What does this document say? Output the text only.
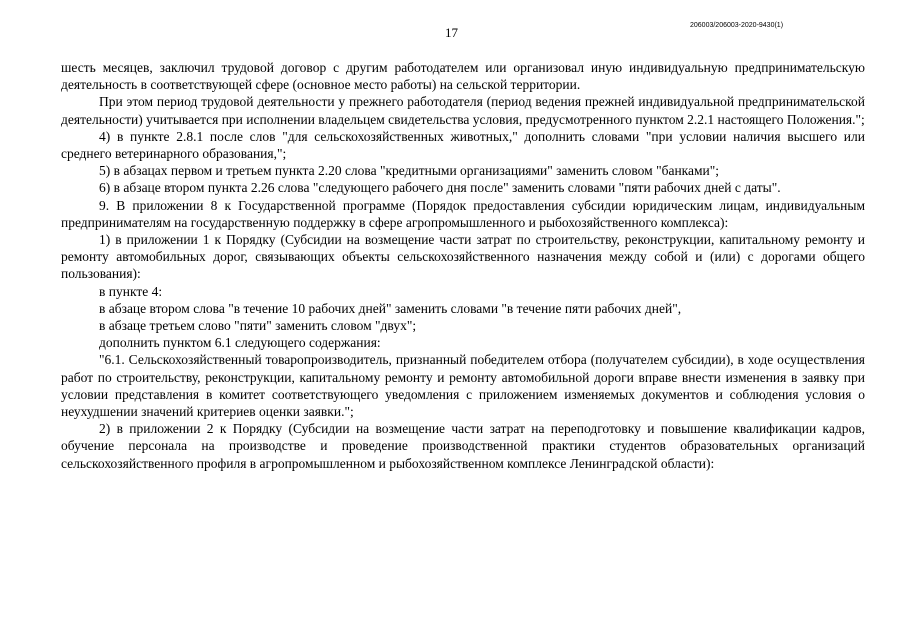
17	206003/206003-2020-9430(1)

шесть месяцев, заключил трудовой договор с другим работодателем или организовал иную индивидуальную предпринимательскую деятельность в соответствующей сфере (основное место работы) на сельской территории.

При этом период трудовой деятельности у прежнего работодателя (период ведения прежней индивидуальной предпринимательской деятельности) учитывается при исполнении владельцем свидетельства условия, предусмотренного пунктом 2.2.1 настоящего Положения.";

4) в пункте 2.8.1 после слов "для сельскохозяйственных животных," дополнить словами "при условии наличия высшего или среднего ветеринарного образования,";

5) в абзацах первом и третьем пункта 2.20 слова "кредитными организациями" заменить словом "банками";

6) в абзаце втором пункта 2.26 слова "следующего рабочего дня после" заменить словами "пяти рабочих дней с даты".

9. В приложении 8 к Государственной программе (Порядок предоставления субсидии юридическим лицам, индивидуальным предпринимателям на государственную поддержку в сфере агропромышленного и рыбохозяйственного комплекса):

1) в приложении 1 к Порядку (Субсидии на возмещение части затрат по строительству, реконструкции, капитальному ремонту и ремонту автомобильных дорог, связывающих объекты сельскохозяйственного назначения между собой и (или) с дорогами общего пользования):

в пункте 4:

в абзаце втором слова "в течение 10 рабочих дней" заменить словами "в течение пяти рабочих дней",

в абзаце третьем слово "пяти" заменить словом "двух";

дополнить пунктом 6.1 следующего содержания:

"6.1. Сельскохозяйственный товаропроизводитель, признанный победителем отбора (получателем субсидии), в ходе осуществления работ по строительству, реконструкции, капитальному ремонту и ремонту автомобильной дороги вправе внести изменения в заявку при условии представления в комитет соответствующего уведомления с приложением изменяемых документов и соблюдения условия о неухудшении значений критериев оценки заявки.";

2) в приложении 2 к Порядку (Субсидии на возмещение части затрат на переподготовку и повышение квалификации кадров, обучение персонала на производстве и проведение производственной практики студентов образовательных организаций сельскохозяйственного профиля в агропромышленном и рыбохозяйственном комплексе Ленинградской области):
